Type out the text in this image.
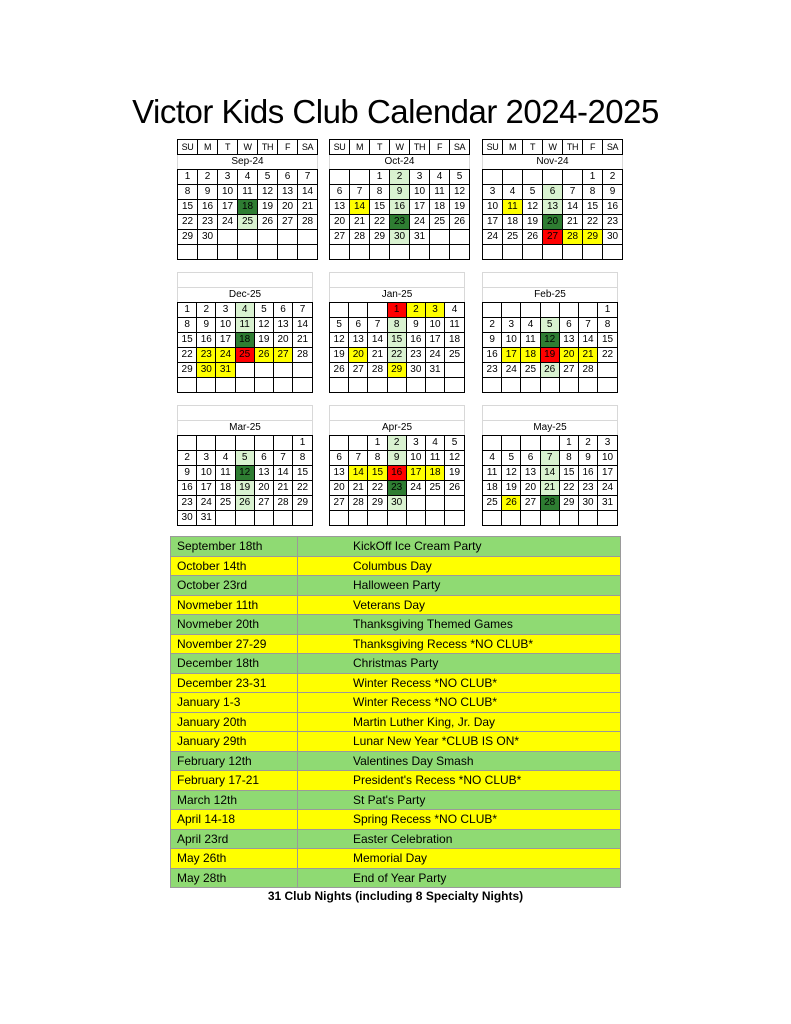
Victor Kids Club Calendar 2024-2025
SU	M	T	W	TH	F	SA
Sep-24						
1	2	3	4	5	6	7
8	9	10	11	12	13	14
15	16	17	18	19	20	21
22	23	24	25	26	27	28
29	30					

SU	M	T	W	TH	F	SA
Oct-24						
		1	2	3	4	5
6	7	8	9	10	11	12
13	14	15	16	17	18	19
20	21	22	23	24	25	26
27	28	29	30	31		

SU	M	T	W	TH	F	SA
Nov-24						
					1	2
3	4	5	6	7	8	9
10	11	12	13	14	15	16
17	18	19	20	21	22	23
24	25	26	27	28	29	30

Dec-25						
1	2	3	4	5	6	7
8	9	10	11	12	13	14
15	16	17	18	19	20	21
22	23	24	25	26	27	28
29	30	31				

Jan-25						
			1	2	3	4
5	6	7	8	9	10	11
12	13	14	15	16	17	18
19	20	21	22	23	24	25
26	27	28	29	30	31	

Feb-25						
						1
2	3	4	5	6	7	8
9	10	11	12	13	14	15
16	17	18	19	20	21	22
23	24	25	26	27	28	

Mar-25						
						1
2	3	4	5	6	7	8
9	10	11	12	13	14	15
16	17	18	19	20	21	22
23	24	25	26	27	28	29
30	31					

Apr-25						
		1	2	3	4	5
6	7	8	9	10	11	12
13	14	15	16	17	18	19
20	21	22	23	24	25	26
27	28	29	30			

May-25						
				1	2	3
4	5	6	7	8	9	10
11	12	13	14	15	16	17
18	19	20	21	22	23	24
25	26	27	28	29	30	31

September 18th	KickOff Ice Cream Party
October 14th	Columbus Day
October 23rd	Halloween Party
Novmeber 11th	Veterans Day
Novmeber 20th	Thanksgiving Themed Games
November 27-29	Thanksgiving Recess *NO CLUB*
December 18th	Christmas Party
December 23-31	Winter Recess *NO CLUB*
January 1-3	Winter Recess *NO CLUB*
January 20th	Martin Luther King, Jr. Day
January 29th	Lunar New Year *CLUB IS ON*
February 12th	Valentines Day Smash
February 17-21	President's Recess *NO CLUB*
March 12th	St Pat's Party
April 14-18	Spring Recess *NO CLUB*
April 23rd	Easter Celebration
May 26th	Memorial Day
May 28th	End of Year Party
31 Club Nights (including 8 Specialty Nights)
